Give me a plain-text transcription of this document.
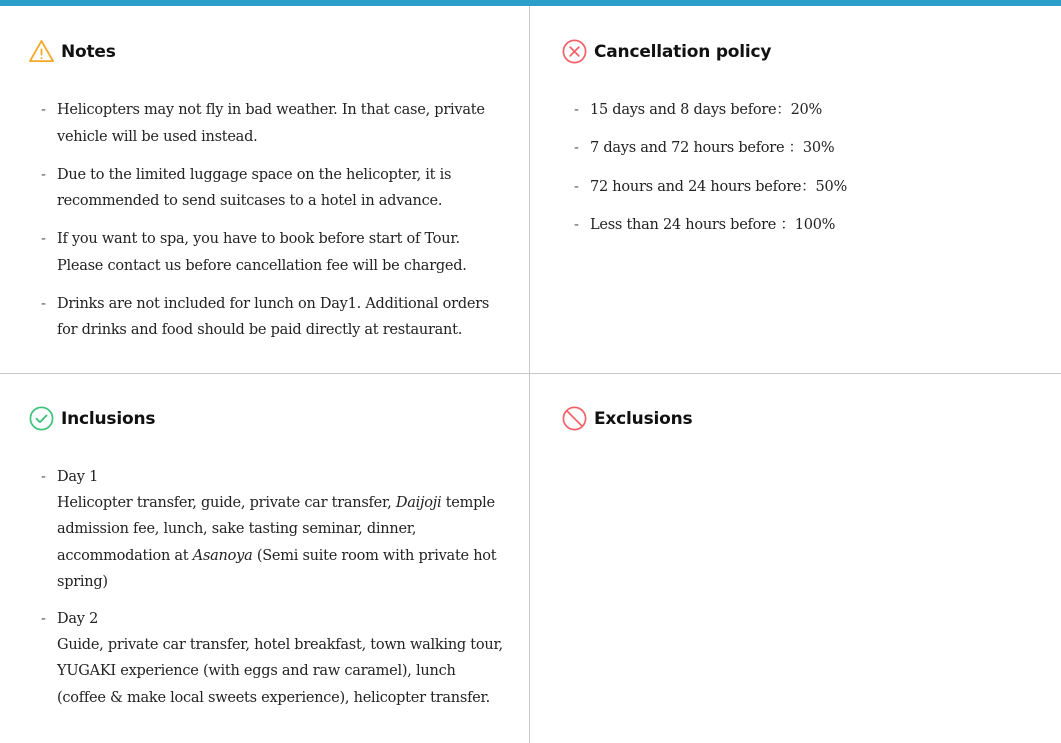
Notes
- Helicopters may not fly in bad weather. In that case, private vehicle will be used instead.
- Due to the limited luggage space on the helicopter, it is recommended to send suitcases to a hotel in advance.
- If you want to spa, you have to book before start of Tour. Please contact us before cancellation fee will be charged.
- Drinks are not included for lunch on Day1. Additional orders for drinks and food should be paid directly at restaurant.
Cancellation policy
- 15 days and 8 days before：20%
- 7 days and 72 hours before ：30%
- 72 hours and 24 hours before：50%
- Less than 24 hours before ：100%
Inclusions
- Day 1
Helicopter transfer, guide, private car transfer, Daijoji temple admission fee, lunch, sake tasting seminar, dinner, accommodation at Asanoya (Semi suite room with private hot spring)
- Day 2
Guide, private car transfer, hotel breakfast, town walking tour, YUGAKI experience (with eggs and raw caramel), lunch (coffee & make local sweets experience), helicopter transfer.
Exclusions
